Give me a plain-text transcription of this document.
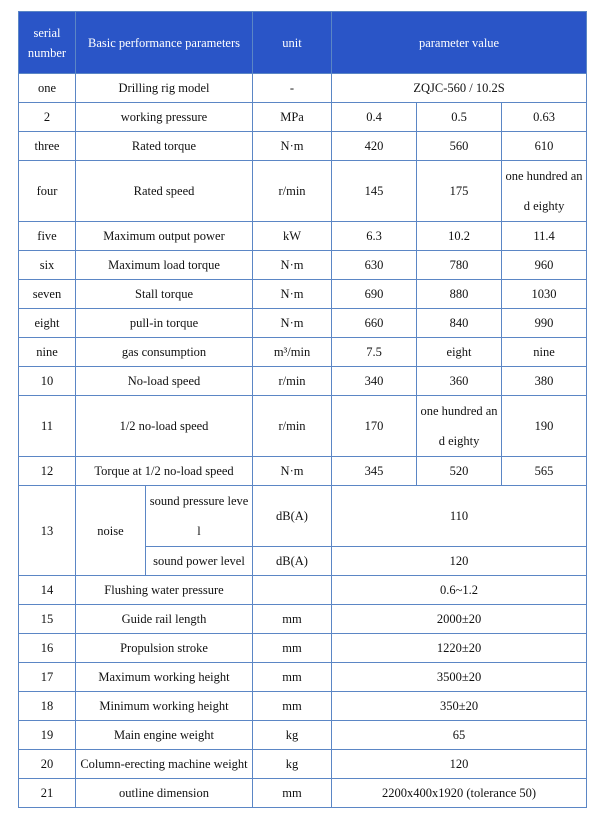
serial number	Basic performance parameters		unit	parameter value		
one	Drilling rig model		-	ZQJC-560 / 10.2S		
2	working pressure		MPa	0.4	0.5	0.63
three	Rated torque		N·m	420	560	610
four	Rated speed		r/min	145	175	one hundred and eighty
five	Maximum output power		kW	6.3	10.2	11.4
six	Maximum load torque		N·m	630	780	960
seven	Stall torque		N·m	690	880	1030
eight	pull-in torque		N·m	660	840	990
nine	gas consumption		m³/min	7.5	eight	nine
10	No-load speed		r/min	340	360	380
11	1/2 no-load speed		r/min	170	one hundred and eighty	190
12	Torque at 1/2 no-load speed		N·m	345	520	565
13	noise	sound pressure level	dB(A)	110		
		sound power level	dB(A)	120		
14	Flushing water pressure			0.6~1.2		
15	Guide rail length		mm	2000±20		
16	Propulsion stroke		mm	1220±20		
17	Maximum working height		mm	3500±20		
18	Minimum working height		mm	350±20		
19	Main engine weight		kg	65		
20	Column-erecting machine weight		kg	120		
21	outline dimension		mm	2200x400x1920 (tolerance 50)		
